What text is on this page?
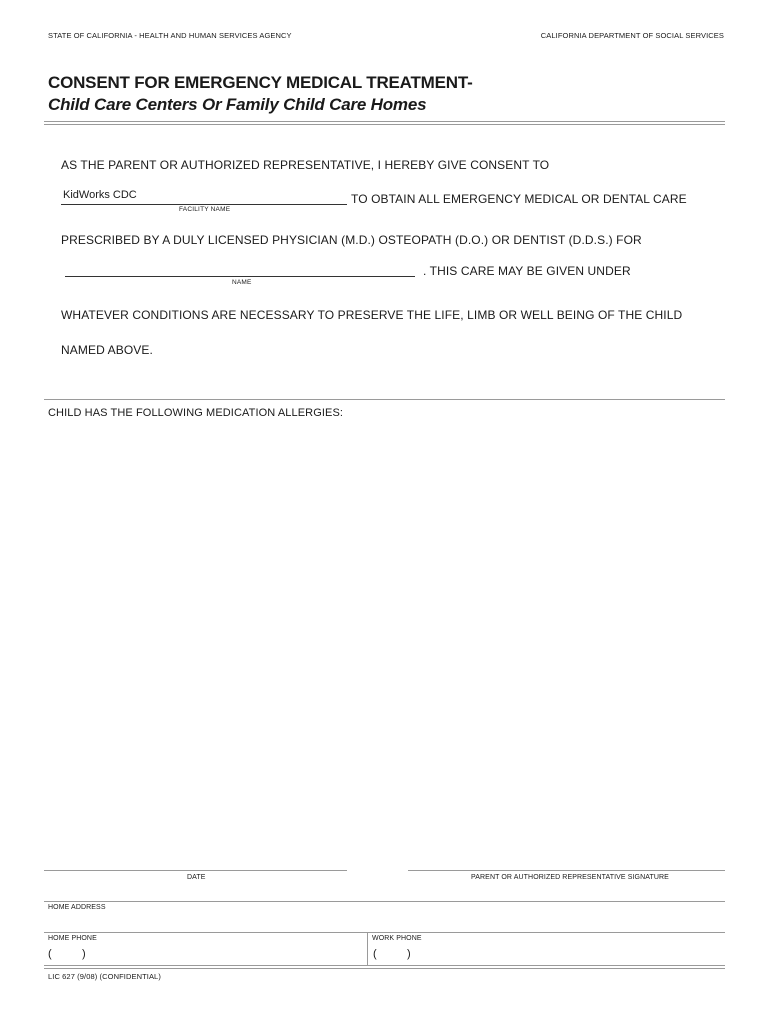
STATE OF CALIFORNIA - HEALTH AND HUMAN SERVICES AGENCY	CALIFORNIA DEPARTMENT OF SOCIAL SERVICES
CONSENT FOR EMERGENCY MEDICAL TREATMENT-
Child Care Centers Or Family Child Care Homes
AS THE PARENT OR AUTHORIZED REPRESENTATIVE, I HEREBY GIVE CONSENT TO
KidWorks CDC
FACILITY NAME
TO OBTAIN ALL EMERGENCY MEDICAL OR DENTAL CARE
PRESCRIBED BY A DULY LICENSED PHYSICIAN (M.D.) OSTEOPATH (D.O.) OR DENTIST (D.D.S.) FOR
NAME
. THIS CARE MAY BE GIVEN UNDER
WHATEVER CONDITIONS ARE NECESSARY TO PRESERVE THE LIFE, LIMB OR WELL BEING OF THE CHILD
NAMED ABOVE.
CHILD HAS THE FOLLOWING MEDICATION ALLERGIES:
DATE	PARENT OR AUTHORIZED REPRESENTATIVE SIGNATURE
HOME ADDRESS
HOME PHONE	WORK PHONE
(	)	(	)
LIC 627 (9/08) (CONFIDENTIAL)
